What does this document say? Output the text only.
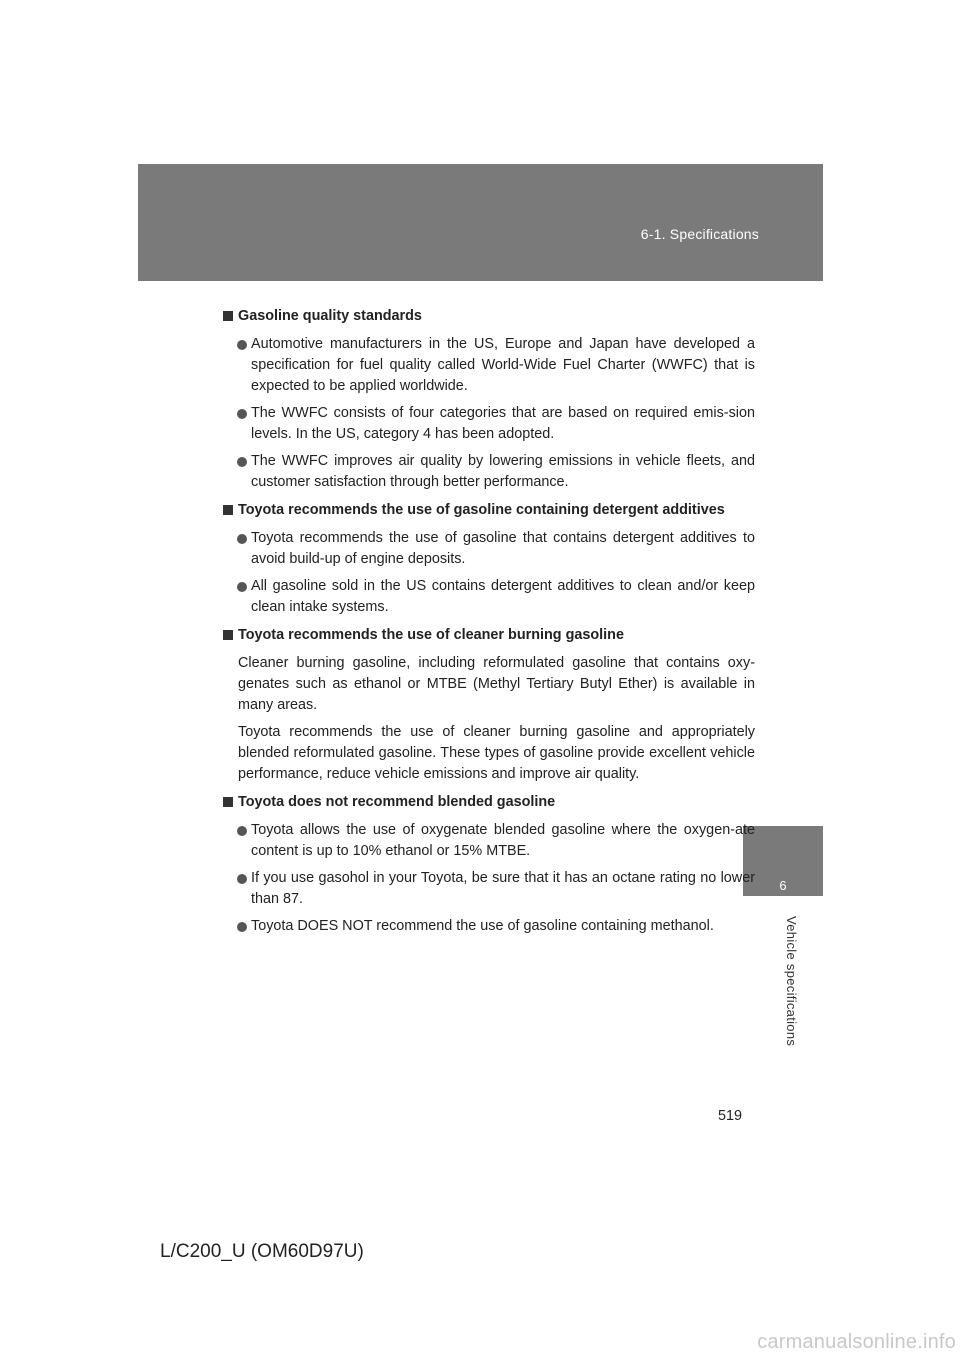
6-1. Specifications
6
Vehicle specifications
Gasoline quality standards
Automotive manufacturers in the US, Europe and Japan have developed a specification for fuel quality called World-Wide Fuel Charter (WWFC) that is expected to be applied worldwide.
The WWFC consists of four categories that are based on required emis-sion levels. In the US, category 4 has been adopted.
The WWFC improves air quality by lowering emissions in vehicle fleets, and customer satisfaction through better performance.
Toyota recommends the use of gasoline containing detergent additives
Toyota recommends the use of gasoline that contains detergent additives to avoid build-up of engine deposits.
All gasoline sold in the US contains detergent additives to clean and/or keep clean intake systems.
Toyota recommends the use of cleaner burning gasoline
Cleaner burning gasoline, including reformulated gasoline that contains oxy-genates such as ethanol or MTBE (Methyl Tertiary Butyl Ether) is available in many areas.
Toyota recommends the use of cleaner burning gasoline and appropriately blended reformulated gasoline. These types of gasoline provide excellent vehicle performance, reduce vehicle emissions and improve air quality.
Toyota does not recommend blended gasoline
Toyota allows the use of oxygenate blended gasoline where the oxygen-ate content is up to 10% ethanol or 15% MTBE.
If you use gasohol in your Toyota, be sure that it has an octane rating no lower than 87.
Toyota DOES NOT recommend the use of gasoline containing methanol.
519
L/C200_U (OM60D97U)
carmanualsonline.info
